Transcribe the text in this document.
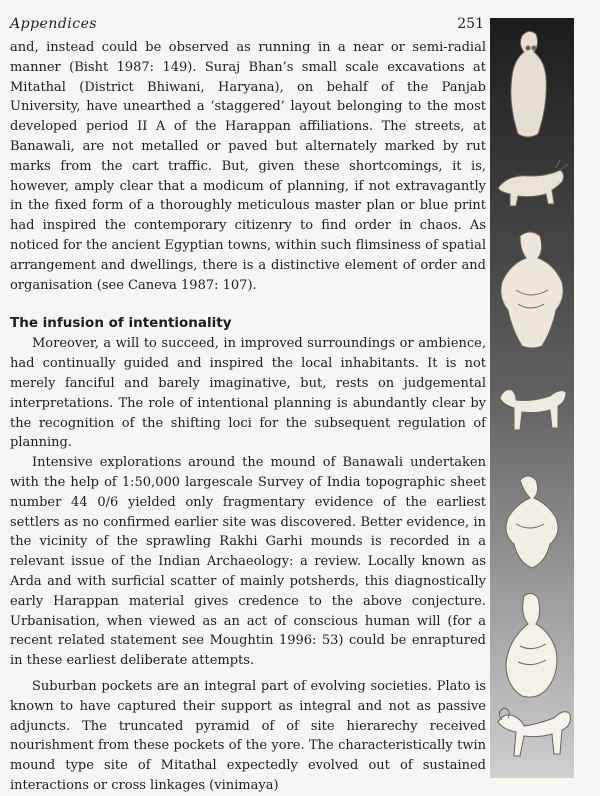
Appendices	251

and, instead could be observed as running in a near or semi-radial manner (Bisht 1987: 149). Suraj Bhan’s small scale excavations at Mitathal (District Bhiwani, Haryana), on behalf of the Panjab University, have unearthed a ‘staggered’ layout belonging to the most developed period II A of the Harappan affiliations. The streets, at Banawali, are not metalled or paved but alternately marked by rut marks from the cart traffic. But, given these shortcomings, it is, however, amply clear that a modicum of planning, if not extravagantly in the fixed form of a thoroughly meticulous master plan or blue print had inspired the contemporary citizenry to find order in chaos. As noticed for the ancient Egyptian towns, within such flimsiness of spatial arrangement and dwellings, there is a distinctive element of order and organisation (see Caneva 1987: 107).

The infusion of intentionality

Moreover, a will to succeed, in improved surroundings or ambience, had continually guided and inspired the local inhabitants. It is not merely fanciful and barely imaginative, but, rests on judgemental interpretations. The role of intentional planning is abundantly clear by the recognition of the shifting loci for the subsequent regulation of planning.

Intensive explorations around the mound of Banawali undertaken with the help of 1:50,000 largescale Survey of India topographic sheet number 44 0/6 yielded only fragmentary evidence of the earliest settlers as no confirmed earlier site was discovered. Better evidence, in the vicinity of the sprawling Rakhi Garhi mounds is recorded in a relevant issue of the Indian Archaeology: a review. Locally known as Arda and with surficial scatter of mainly potsherds, this diagnostically early Harappan material gives credence to the above conjecture. Urbanisation, when viewed as an act of conscious human will (for a recent related statement see Moughtin 1996: 53) could be enraptured in these earliest deliberate attempts.

Suburban pockets are an integral part of evolving societies. Plato is known to have captured their support as integral and not as passive adjuncts. The truncated pyramid of of site hierarechy received nourishment from these pockets of the yore. The characteristically twin mound type site of Mitathal expectedly evolved out of sustained interactions or cross linkages (vinimaya)
